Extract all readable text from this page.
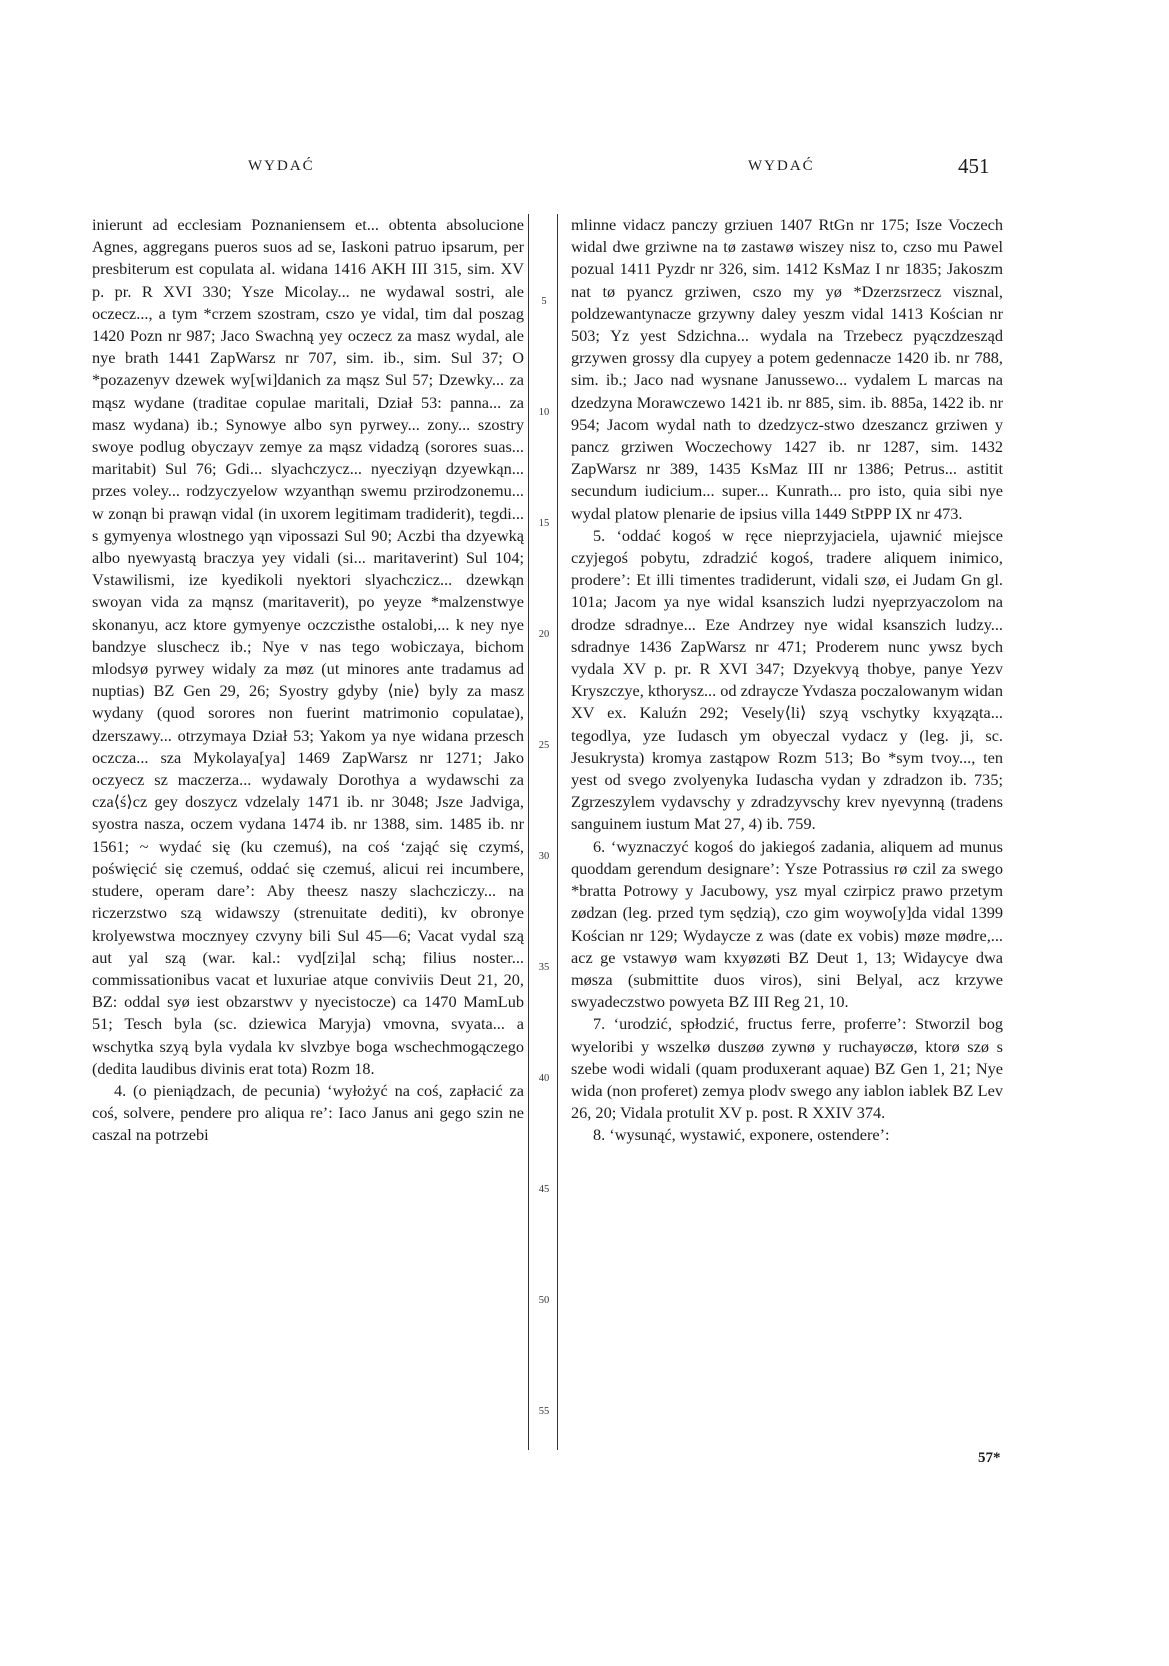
WYDAĆ	WYDAĆ	451

inierunt ad ecclesiam Poznaniensem et... obtenta absolucione Agnes, aggregans pueros suos ad se, Iaskoni patruo ipsarum, per presbiterum est copulata al. widana 1416 AKH III 315, sim. XV p. pr. R XVI 330; Ysze Micolay... ne wydawal sostri, ale oczecz..., a tym *crzem szostram, cszo ye vidal, tim dal poszag 1420 Pozn nr 987; Jaco Swachną yey oczecz za masz wydal, ale nye brath 1441 ZapWarsz nr 707, sim. ib., sim. Sul 37; O *pozazenyv dzewek wy[wi]danich za mąsz Sul 57; Dzewky... za mąsz wydane (traditae copulae maritali, Dział 53: panna... za masz wydana) ib.; Synowye albo syn pyrwey... zony... szostry swoye podlug obyczayv zemye za mąsz vidadzą (sorores suas... maritabit) Sul 76; Gdi... slyachczycz... nyecziyąn dzyewkąn... przes voley... rodzyczyelow wzyanthąn swemu przirodzonemu... w zonąn bi prawąn vidal (in uxorem legitimam tradiderit), tegdi... s gymyenya wlostnego yąn vipossazi Sul 90; Aczbi tha dzyewką albo nyewyastą braczya yey vidali (si... maritaverint) Sul 104; Vstawilismi, ize kyedikoli nyektori slyachczicz... dzewkąn swoyan vida za mąnsz (maritaverit), po yeyze *malzenstwye skonanyu, acz ktore gymyenye oczczisthe ostalobi,... k ney nye bandzye sluschecz ib.; Nye v nas tego wobiczaya, bichom mlodsyø pyrwey widaly za møz (ut minores ante tradamus ad nuptias) BZ Gen 29, 26; Syostry gdyby ⟨nie⟩ byly za masz wydany (quod sorores non fuerint matrimonio copulatae), dzerszawy... otrzymaya Dział 53; Yakom ya nye widana przesch oczcza... sza Mykolaya[ya] 1469 ZapWarsz nr 1271; Jako oczyecz sz maczerza... wydawaly Dorothya a wydawschi za cza⟨ś⟩cz gey doszycz vdzelaly 1471 ib. nr 3048; Jsze Jadviga, syostra nasza, oczem vydana 1474 ib. nr 1388, sim. 1485 ib. nr 1561; ~ wydać się (ku czemuś), na coś ‘zająć się czymś, poświęcić się czemuś, oddać się czemuś, alicui rei incumbere, studere, operam dare’: Aby theesz naszy slachcziczy... na riczerzstwo szą widawszy (strenuitate dediti), kv obronye krolyewstwa mocznyey czvyny bili Sul 45—6; Vacat vydal szą aut yal szą (war. kal.: vyd[zi]al schą; filius noster... commissationibus vacat et luxuriae atque conviviis Deut 21, 20, BZ: oddal syø iest obzarstwv y nyecistocze) ca 1470 MamLub 51; Tesch byla (sc. dziewica Maryja) vmovna, svyata... a wschytka szyą byla vydala kv slvzbye boga wschechmogączego (dedita laudibus divinis erat tota) Rozm 18.

4. (o pieniądzach, de pecunia) ‘wyłożyć na coś, zapłacić za coś, solvere, pendere pro aliqua re’: Iaco Janus ani gego szin ne caszal na potrzebi

5
10
15
20
25
30
35
40
45
50
55

mlinne vidacz panczy grziuen 1407 RtGn nr 175; Isze Voczech widal dwe grziwne na tø zastawø wiszey nisz to, czso mu Pawel pozual 1411 Pyzdr nr 326, sim. 1412 KsMaz I nr 1835; Jakoszm nat tø pyancz grziwen, cszo my yø *Dzerzsrzecz visznal, poldzewantynacze grzywny daley yeszm vidal 1413 Kościan nr 503; Yz yest Sdzichna... wydala na Trzebecz pyączdzesząd grzywen grossy dla cupyey a potem gedennacze 1420 ib. nr 788, sim. ib.; Jaco nad wysnane Janussewo... vydalem L marcas na dzedzyna Morawczewo 1421 ib. nr 885, sim. ib. 885a, 1422 ib. nr 954; Jacom wydal nath to dzedzycz-stwo dzeszancz grziwen y pancz grziwen Woczechowy 1427 ib. nr 1287, sim. 1432 ZapWarsz nr 389, 1435 KsMaz III nr 1386; Petrus... astitit secundum iudicium... super... Kunrath... pro isto, quia sibi nye wydal platow plenarie de ipsius villa 1449 StPPP IX nr 473.

5. ‘oddać kogoś w ręce nieprzyjaciela, ujawnić miejsce czyjegoś pobytu, zdradzić kogoś, tradere aliquem inimico, prodere’: Et illi timentes tradiderunt, vidali szø, ei Judam Gn gl. 101a; Jacom ya nye widal ksanszich ludzi nyeprzyaczolom na drodze sdradnye... Eze Andrzey nye widal ksanszich ludzy... sdradnye 1436 ZapWarsz nr 471; Proderem nunc ywsz bych vydala XV p. pr. R XVI 347; Dzyekvyą thobye, panye Yezv Kryszczye, kthorysz... od zdraycze Yvdasza poczalowanym widan XV ex. Kaluźn 292; Vesely⟨li⟩ szyą vschytky kxyąząta... tegodlya, yze Iudasch ym obyeczal vydacz y (leg. ji, sc. Jesukrysta) kromya zastąpow Rozm 513; Bo *sym tvoy..., ten yest od svego zvolyenyka Iudascha vydan y zdradzon ib. 735; Zgrzeszylem vydavschy y zdradzyvschy krev nyevynną (tradens sanguinem iustum Mat 27, 4) ib. 759.

6. ‘wyznaczyć kogoś do jakiegoś zadania, aliquem ad munus quoddam gerendum designare’: Ysze Potrassius rø czil za swego *bratta Potrowy y Jacubowy, ysz myal czirpicz prawo przetym zødzan (leg. przed tym sędzią), czo gim woywo[y]da vidal 1399 Kościan nr 129; Wydaycze z was (date ex vobis) møze mødre,... acz ge vstawyø wam kxyøzøti BZ Deut 1, 13; Widaycye dwa møsza (submittite duos viros), sini Belyal, acz krzywe swyadeczstwo powyeta BZ III Reg 21, 10.

7. ‘urodzić, spłodzić, fructus ferre, proferre’: Stworzil bog wyeloribi y wszelkø duszøø zywnø y ruchayøczø, ktorø szø s szebe wodi widali (quam produxerant aquae) BZ Gen 1, 21; Nye wida (non proferet) zemya plodv swego any iablon iablek BZ Lev 26, 20; Vidala protulit XV p. post. R XXIV 374.

8. ‘wysunąć, wystawić, exponere, ostendere’:

57*
